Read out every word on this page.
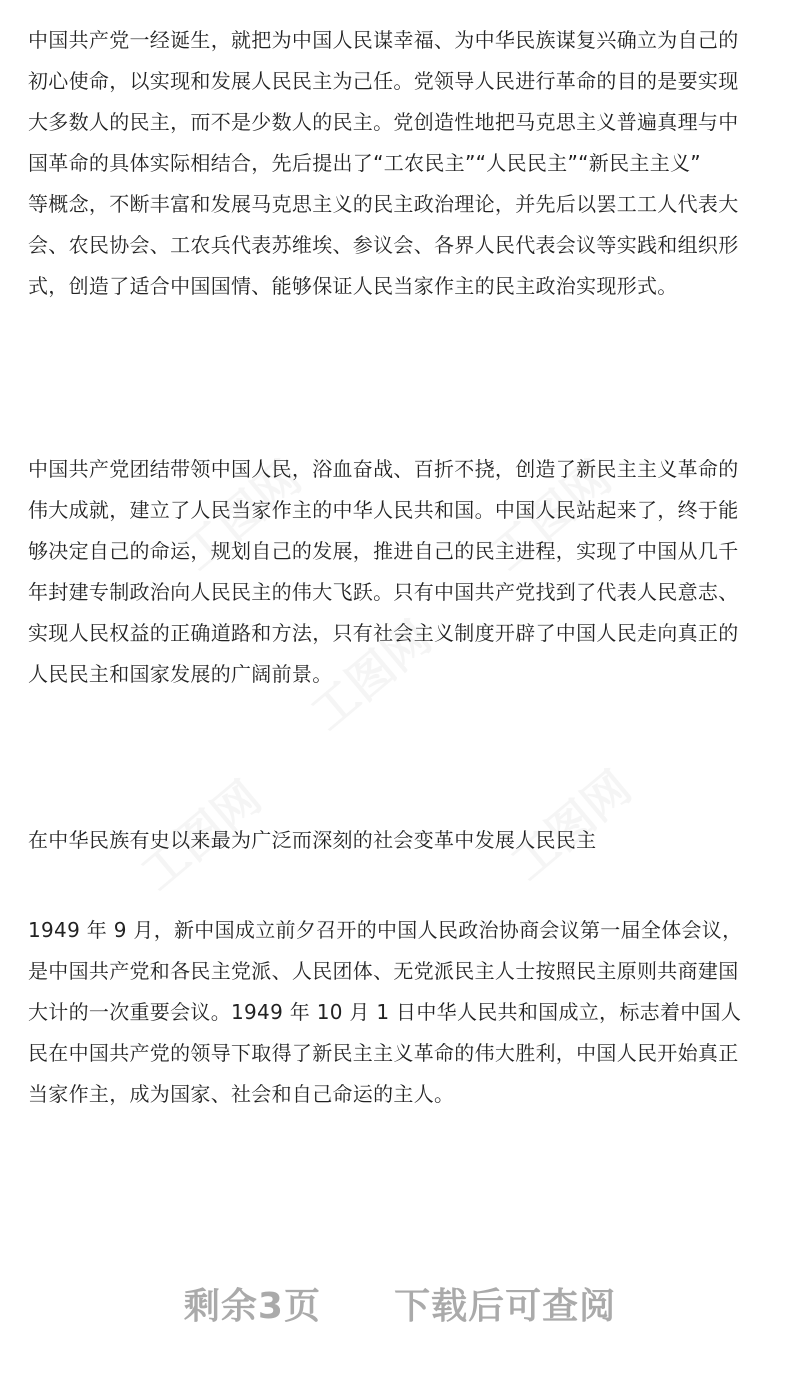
工图网	工图网
工图网
工图网	工图网

中国共产党一经诞生，就把为中国人民谋幸福、为中华民族谋复兴确立为自己的
初心使命，以实现和发展人民民主为己任。党领导人民进行革命的目的是要实现
大多数人的民主，而不是少数人的民主。党创造性地把马克思主义普遍真理与中
国革命的具体实际相结合，先后提出了“工农民主”“人民民主”“新民主主义”
等概念，不断丰富和发展马克思主义的民主政治理论，并先后以罢工工人代表大
会、农民协会、工农兵代表苏维埃、参议会、各界人民代表会议等实践和组织形
式，创造了适合中国国情、能够保证人民当家作主的民主政治实现形式。

中国共产党团结带领中国人民，浴血奋战、百折不挠，创造了新民主主义革命的
伟大成就，建立了人民当家作主的中华人民共和国。中国人民站起来了，终于能
够决定自己的命运，规划自己的发展，推进自己的民主进程，实现了中国从几千
年封建专制政治向人民民主的伟大飞跃。只有中国共产党找到了代表人民意志、
实现人民权益的正确道路和方法，只有社会主义制度开辟了中国人民走向真正的
人民民主和国家发展的广阔前景。

在中华民族有史以来最为广泛而深刻的社会变革中发展人民民主

1949 年 9 月，新中国成立前夕召开的中国人民政治协商会议第一届全体会议，
是中国共产党和各民主党派、人民团体、无党派民主人士按照民主原则共商建国
大计的一次重要会议。1949 年 10 月 1 日中华人民共和国成立，标志着中国人
民在中国共产党的领导下取得了新民主主义革命的伟大胜利，中国人民开始真正
当家作主，成为国家、社会和自己命运的主人。

剩余3页 下载后可查阅
